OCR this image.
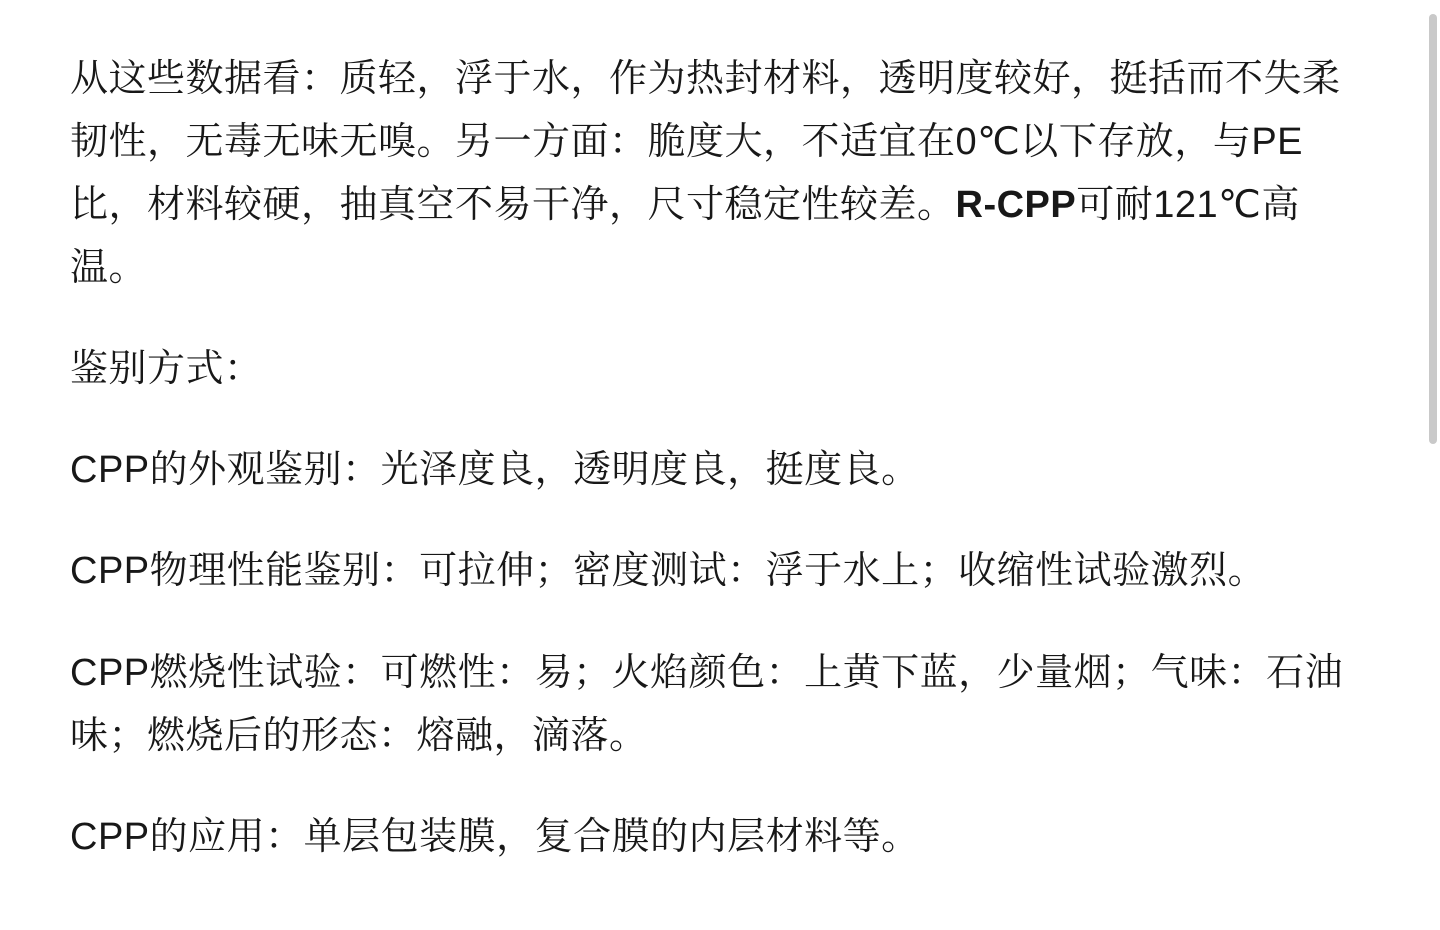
从这些数据看：质轻，浮于水，作为热封材料，透明度较好，挺括而不失柔韧性，无毒无味无嗅。另一方面：脆度大，不适宜在0℃以下存放，与PE比，材料较硬，抽真空不易干净，尺寸稳定性较差。R-CPP可耐121℃高温。

鉴别方式：

CPP的外观鉴别：光泽度良，透明度良，挺度良。

CPP物理性能鉴别：可拉伸；密度测试：浮于水上；收缩性试验激烈。

CPP燃烧性试验：可燃性：易；火焰颜色：上黄下蓝，少量烟；气味：石油味；燃烧后的形态：熔融，滴落。

CPP的应用：单层包装膜，复合膜的内层材料等。
